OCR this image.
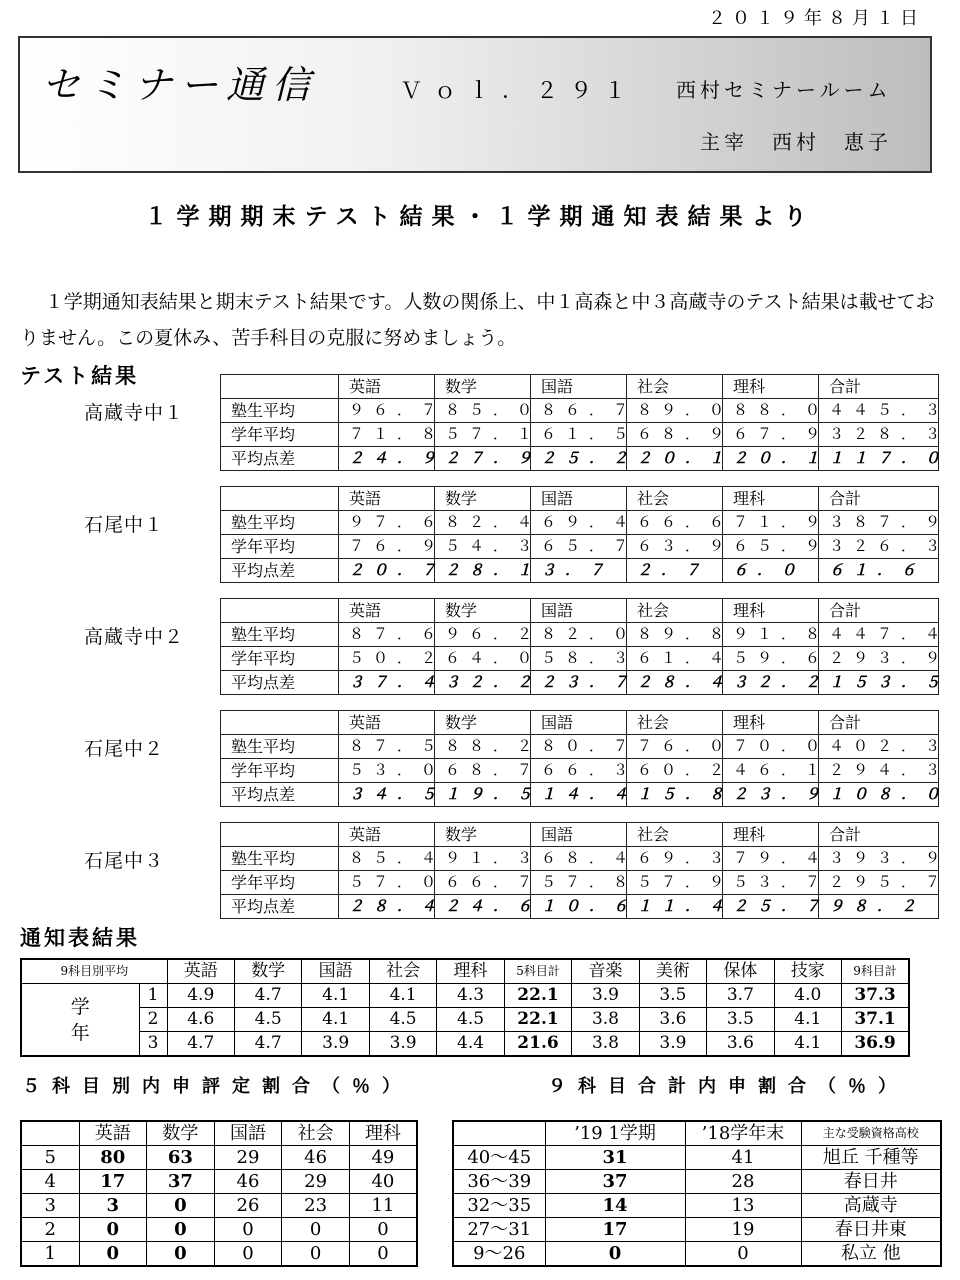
２０１９年８月１日
セミナー通信	Ｖｏｌ．２９１ 西村セミナールーム
主宰　西村　恵子
１学期期末テスト結果・１学期通知表結果より
１学期通知表結果と期末テスト結果です。人数の関係上、中１高森と中３高蔵寺のテスト結果は載せておりません。この夏休み、苦手科目の克服に努めましょう。
テスト結果
高蔵寺中１
	英語	数学	国語	社会	理科	合計
塾生平均	９６．７	８５．０	８６．７	８９．０	８８．０	４４５．３
学年平均	７１．８	５７．１	６１．５	６８．９	６７．９	３２８．３
平均点差	２４．９	２７．９	２５．２	２０．１	２０．１	１１７．０
石尾中１
	英語	数学	国語	社会	理科	合計
塾生平均	９７．６	８２．４	６９．４	６６．６	７１．９	３８７．９
学年平均	７６．９	５４．３	６５．７	６３．９	６５．９	３２６．３
平均点差	２０．７	２８．１	３．７	２．７	６．０	６１．６
高蔵寺中２
	英語	数学	国語	社会	理科	合計
塾生平均	８７．６	９６．２	８２．０	８９．８	９１．８	４４７．４
学年平均	５０．２	６４．０	５８．３	６１．４	５９．６	２９３．９
平均点差	３７．４	３２．２	２３．７	２８．４	３２．２	１５３．５
石尾中２
	英語	数学	国語	社会	理科	合計
塾生平均	８７．５	８８．２	８０．７	７６．０	７０．０	４０２．３
学年平均	５３．０	６８．７	６６．３	６０．２	４６．１	２９４．３
平均点差	３４．５	１９．５	１４．４	１５．８	２３．９	１０８．０
石尾中３
	英語	数学	国語	社会	理科	合計
塾生平均	８５．４	９１．３	６８．４	６９．３	７９．４	３９３．９
学年平均	５７．０	６６．７	５７．８	５７．９	５３．７	２９５．７
平均点差	２８．４	２４．６	１０．６	１１．４	２５．７	９８．２
通知表結果
9科目別平均		英語	数学	国語	社会	理科	5科目計	音楽	美術	保体	技家	9科目計
学年	1	4.9	4.7	4.1	4.1	4.3	22.1	3.9	3.5	3.7	4.0	37.3
	2	4.6	4.5	4.1	4.5	4.5	22.1	3.8	3.6	3.5	4.1	37.1
	3	4.7	4.7	3.9	3.9	4.4	21.6	3.8	3.9	3.6	4.1	36.9
５科目別内申評定割合（％）	９科目合計内申割合（％）
	英語	数学	国語	社会	理科
5	80	63	29	46	49
4	17	37	46	29	40
3	3	0	26	23	11
2	0	0	0	0	0
1	0	0	0	0	0
	’19 1学期	’18学年末	主な受験資格高校
40～45	31	41	旭丘 千種等
36～39	37	28	春日井
32～35	14	13	高蔵寺
27～31	17	19	春日井東
9～26	0	0	私立 他
